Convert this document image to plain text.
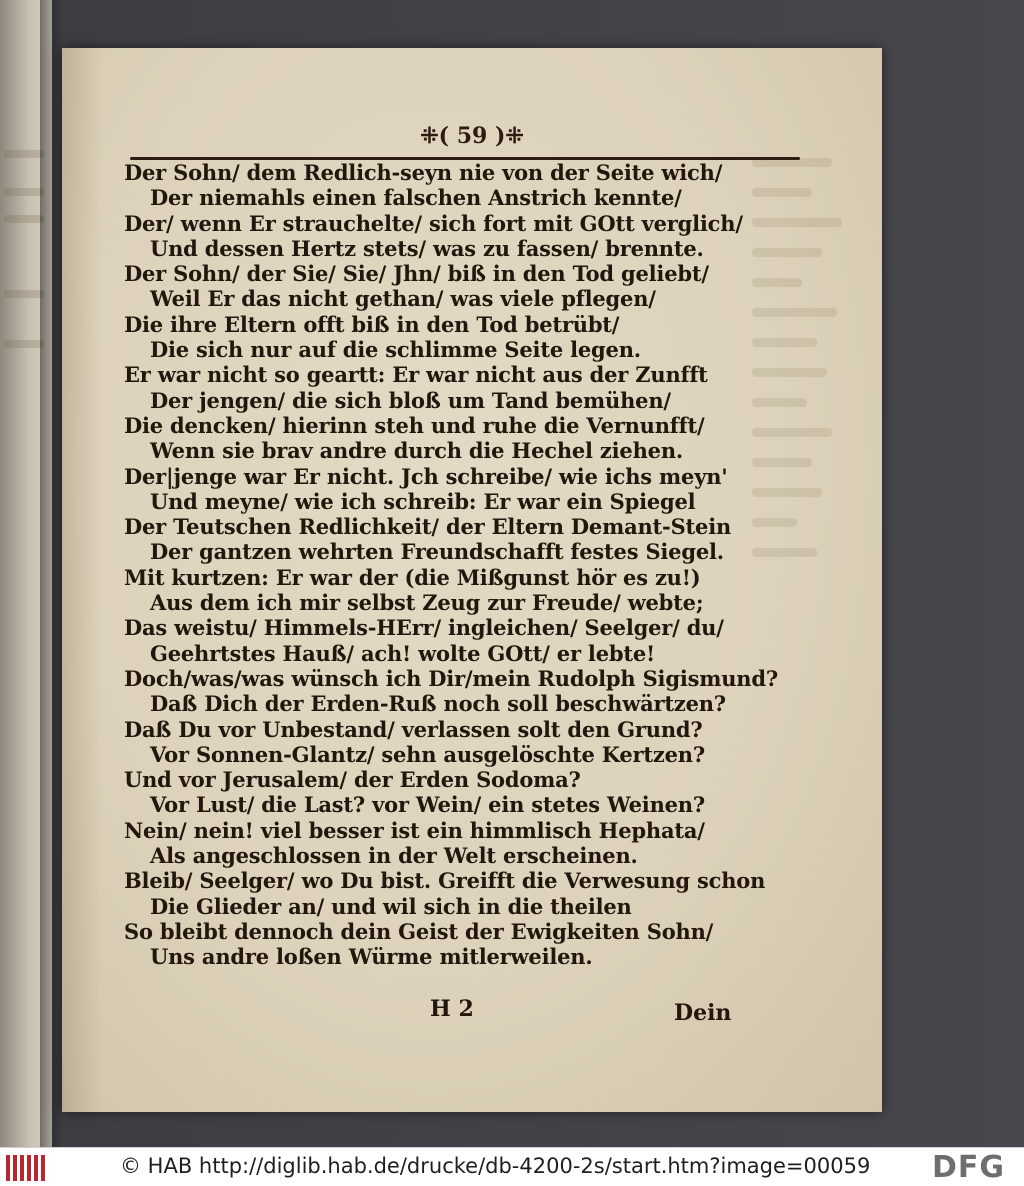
⁜( 59 )⁜
Der Sohn/ dem Redlich-seyn nie von der Seite wich/
Der niemahls einen falschen Anstrich kennte/
Der/ wenn Er strauchelte/ sich fort mit GOtt verglich/
Und dessen Hertz stets/ was zu fassen/ brennte.
Der Sohn/ der Sie/ Sie/ Jhn/ biß in den Tod geliebt/
Weil Er das nicht gethan/ was viele pflegen/
Die ihre Eltern offt biß in den Tod betrübt/
Die sich nur auf die schlimme Seite legen.
Er war nicht so geartt: Er war nicht aus der Zunfft
Der jengen/ die sich bloß um Tand bemühen/
Die dencken/ hierinn steh und ruhe die Vernunfft/
Wenn sie brav andre durch die Hechel ziehen.
Der|jenge war Er nicht. Jch schreibe/ wie ichs meyn'
Und meyne/ wie ich schreib: Er war ein Spiegel
Der Teutschen Redlichkeit/ der Eltern Demant-Stein
Der gantzen wehrten Freundschafft festes Siegel.
Mit kurtzen: Er war der (die Mißgunst hör es zu!)
Aus dem ich mir selbst Zeug zur Freude/ webte;
Das weistu/ Himmels-HErr/ ingleichen/ Seelger/ du/
Geehrtstes Hauß/ ach! wolte GOtt/ er lebte!
Doch/was/was wünsch ich Dir/mein Rudolph Sigismund?
Daß Dich der Erden-Ruß noch soll beschwärtzen?
Daß Du vor Unbestand/ verlassen solt den Grund?
Vor Sonnen-Glantz/ sehn ausgelöschte Kertzen?
Und vor Jerusalem/ der Erden Sodoma?
Vor Lust/ die Last? vor Wein/ ein stetes Weinen?
Nein/ nein! viel besser ist ein himmlisch Hephata/
Als angeschlossen in der Welt erscheinen.
Bleib/ Seelger/ wo Du bist. Greifft die Verwesung schon
Die Glieder an/ und wil sich in die theilen
So bleibt dennoch dein Geist der Ewigkeiten Sohn/
Uns andre loßen Würme mitlerweilen.
H 2	Dein
© HAB http://diglib.hab.de/drucke/db-4200-2s/start.htm?image=00059 DFG
